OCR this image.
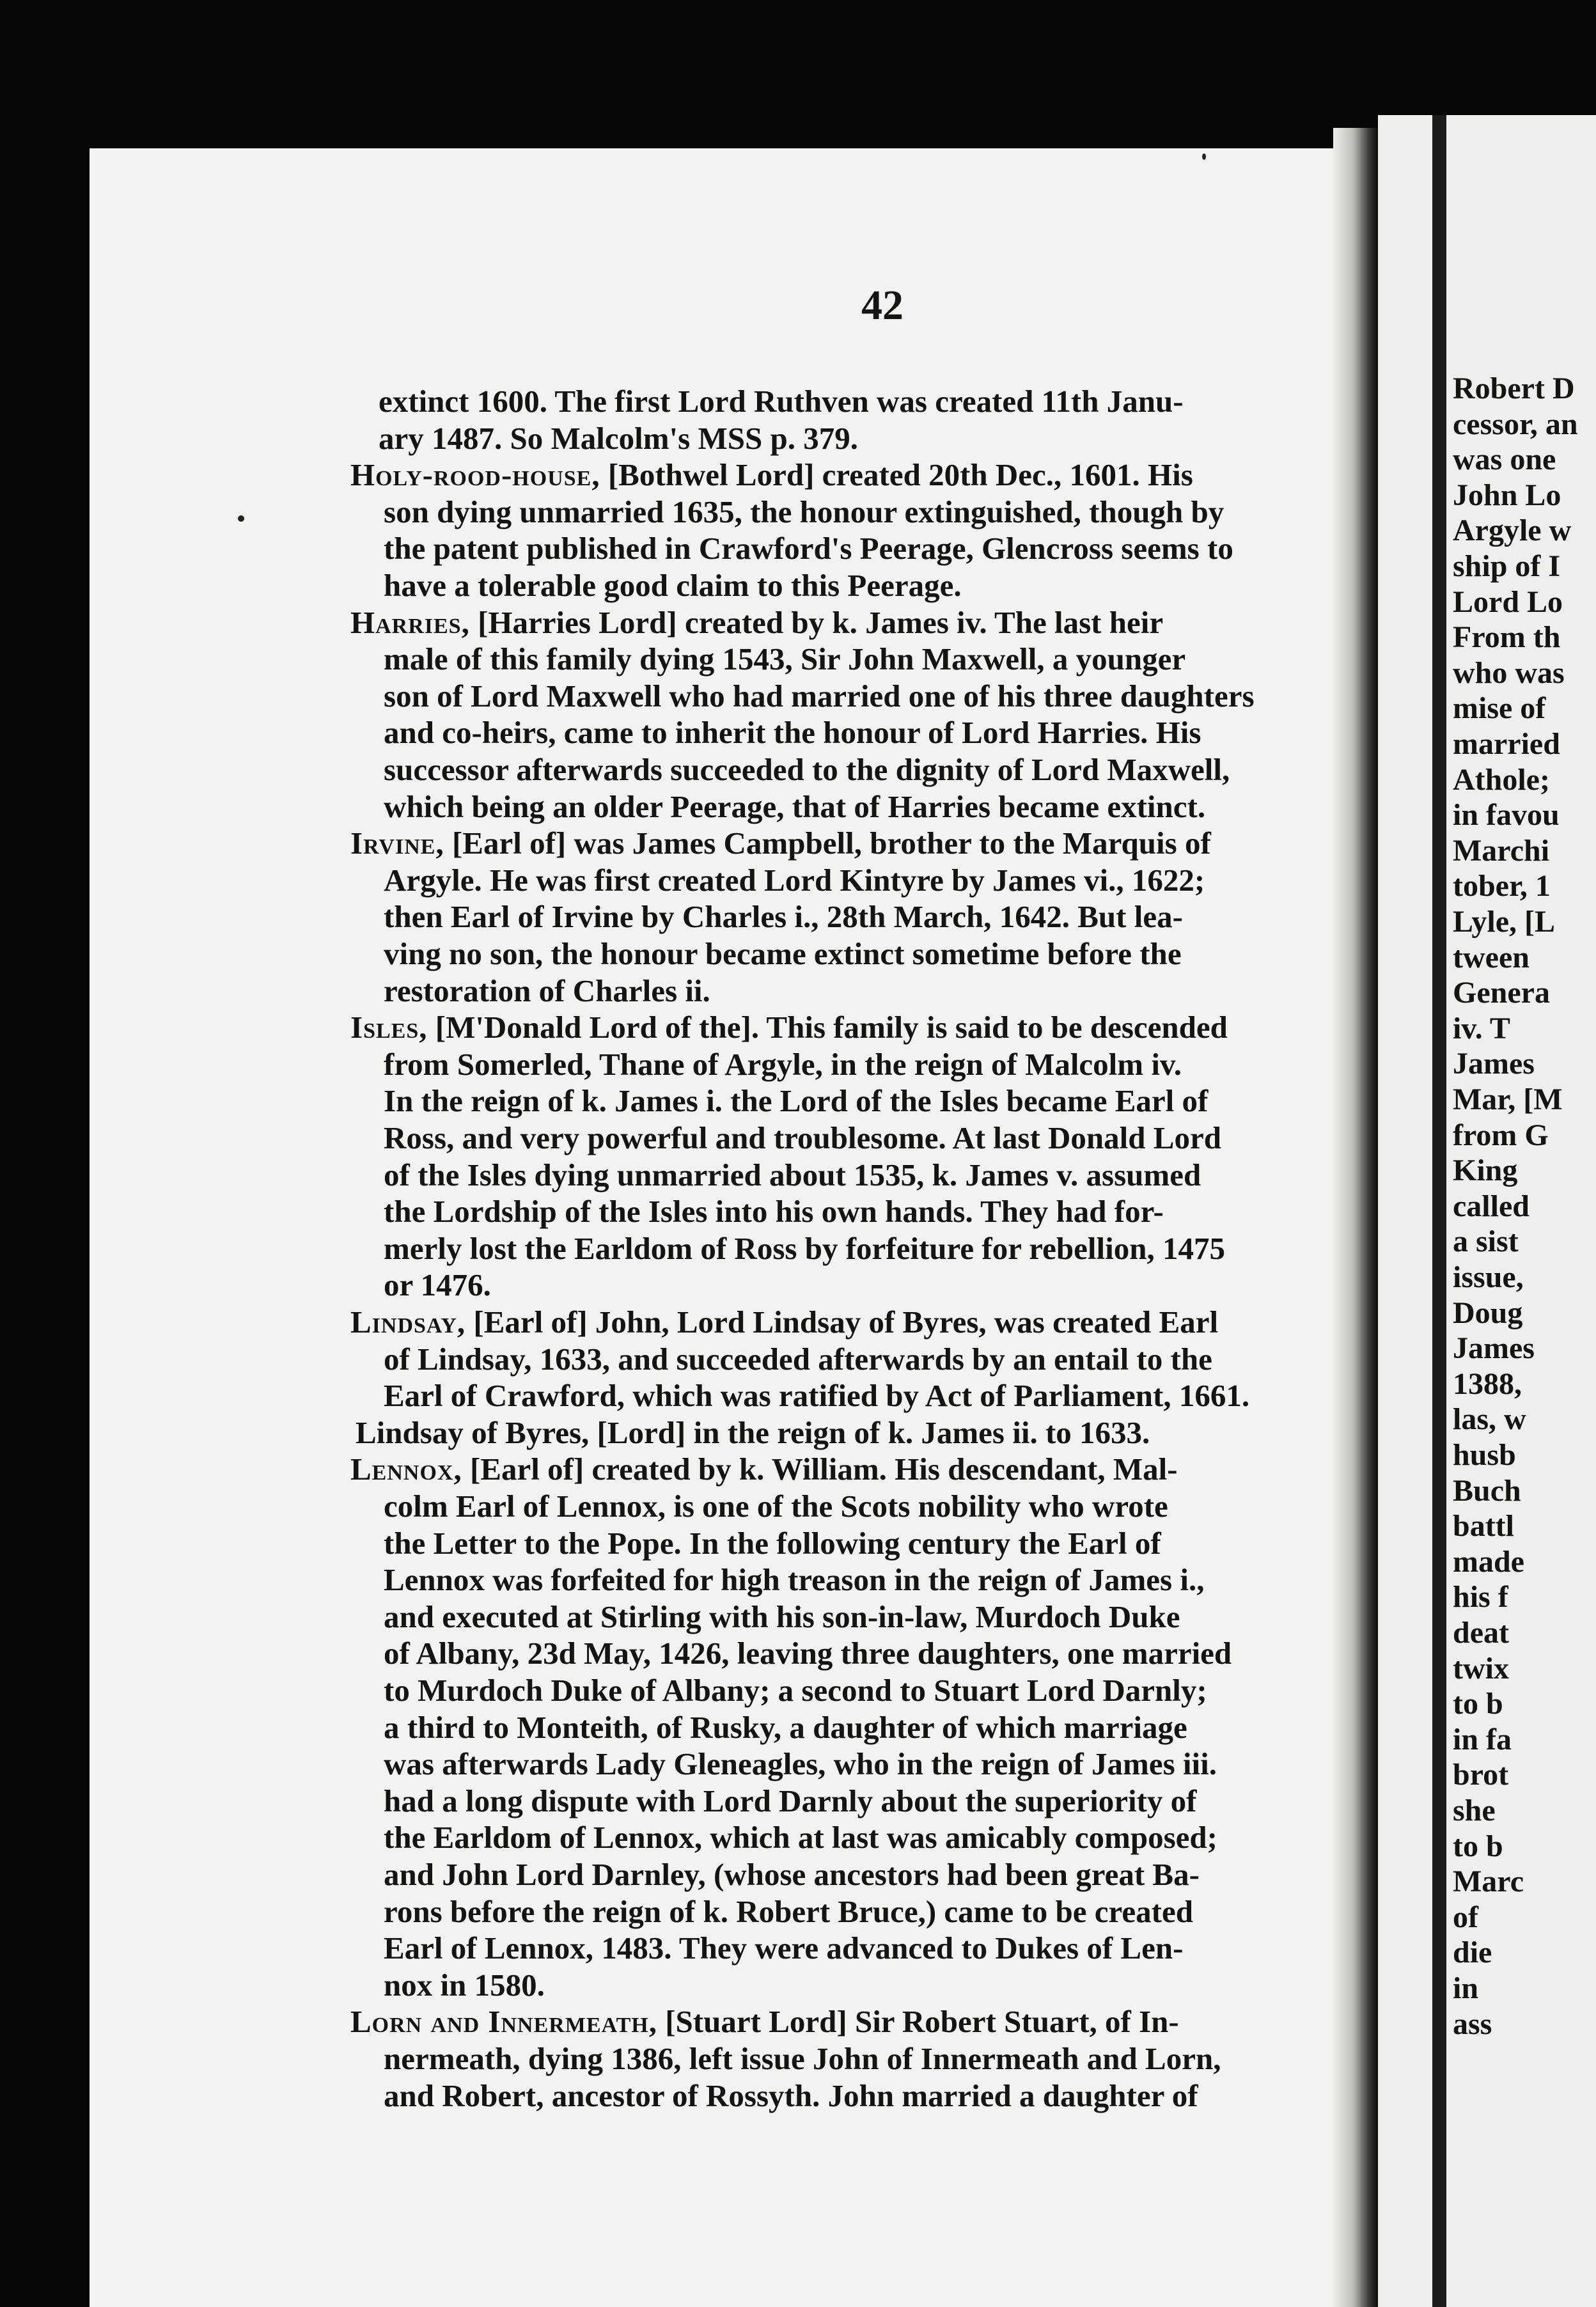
42
extinct 1600. The first Lord Ruthven was created 11th Janu-
ary 1487. So Malcolm's MSS p. 379.
Holy-rood-house, [Bothwel Lord] created 20th Dec., 1601. His
son dying unmarried 1635, the honour extinguished, though by
the patent published in Crawford's Peerage, Glencross seems to
have a tolerable good claim to this Peerage.
Harries, [Harries Lord] created by k. James iv. The last heir
male of this family dying 1543, Sir John Maxwell, a younger
son of Lord Maxwell who had married one of his three daughters
and co-heirs, came to inherit the honour of Lord Harries. His
successor afterwards succeeded to the dignity of Lord Maxwell,
which being an older Peerage, that of Harries became extinct.
Irvine, [Earl of] was James Campbell, brother to the Marquis of
Argyle. He was first created Lord Kintyre by James vi., 1622;
then Earl of Irvine by Charles i., 28th March, 1642. But lea-
ving no son, the honour became extinct sometime before the
restoration of Charles ii.
Isles, [M'Donald Lord of the]. This family is said to be descended
from Somerled, Thane of Argyle, in the reign of Malcolm iv.
In the reign of k. James i. the Lord of the Isles became Earl of
Ross, and very powerful and troublesome. At last Donald Lord
of the Isles dying unmarried about 1535, k. James v. assumed
the Lordship of the Isles into his own hands. They had for-
merly lost the Earldom of Ross by forfeiture for rebellion, 1475
or 1476.
Lindsay, [Earl of] John, Lord Lindsay of Byres, was created Earl
of Lindsay, 1633, and succeeded afterwards by an entail to the
Earl of Crawford, which was ratified by Act of Parliament, 1661.
Lindsay of Byres, [Lord] in the reign of k. James ii. to 1633.
Lennox, [Earl of] created by k. William. His descendant, Mal-
colm Earl of Lennox, is one of the Scots nobility who wrote
the Letter to the Pope. In the following century the Earl of
Lennox was forfeited for high treason in the reign of James i.,
and executed at Stirling with his son-in-law, Murdoch Duke
of Albany, 23d May, 1426, leaving three daughters, one married
to Murdoch Duke of Albany; a second to Stuart Lord Darnly;
a third to Monteith, of Rusky, a daughter of which marriage
was afterwards Lady Gleneagles, who in the reign of James iii.
had a long dispute with Lord Darnly about the superiority of
the Earldom of Lennox, which at last was amicably composed;
and John Lord Darnley, (whose ancestors had been great Ba-
rons before the reign of k. Robert Bruce,) came to be created
Earl of Lennox, 1483. They were advanced to Dukes of Len-
nox in 1580.
Lorn and Innermeath, [Stuart Lord] Sir Robert Stuart, of In-
nermeath, dying 1386, left issue John of Innermeath and Lorn,
and Robert, ancestor of Rossyth. John married a daughter of
Robert D
cessor, an
was one
John Lo
Argyle w
ship of I
Lord Lo
From th
who was
mise of
married
Athole;
in favou
Marchi
tober, 1
Lyle, [L
tween
Genera
iv. T
James
Mar, [M
from G
King
called
a sist
issue,
Doug
James
1388,
las, w
husb
Buch
battl
made
his f
deat
twix
to b
in fa
brot
she
to b
Marc
of
die
in
ass
